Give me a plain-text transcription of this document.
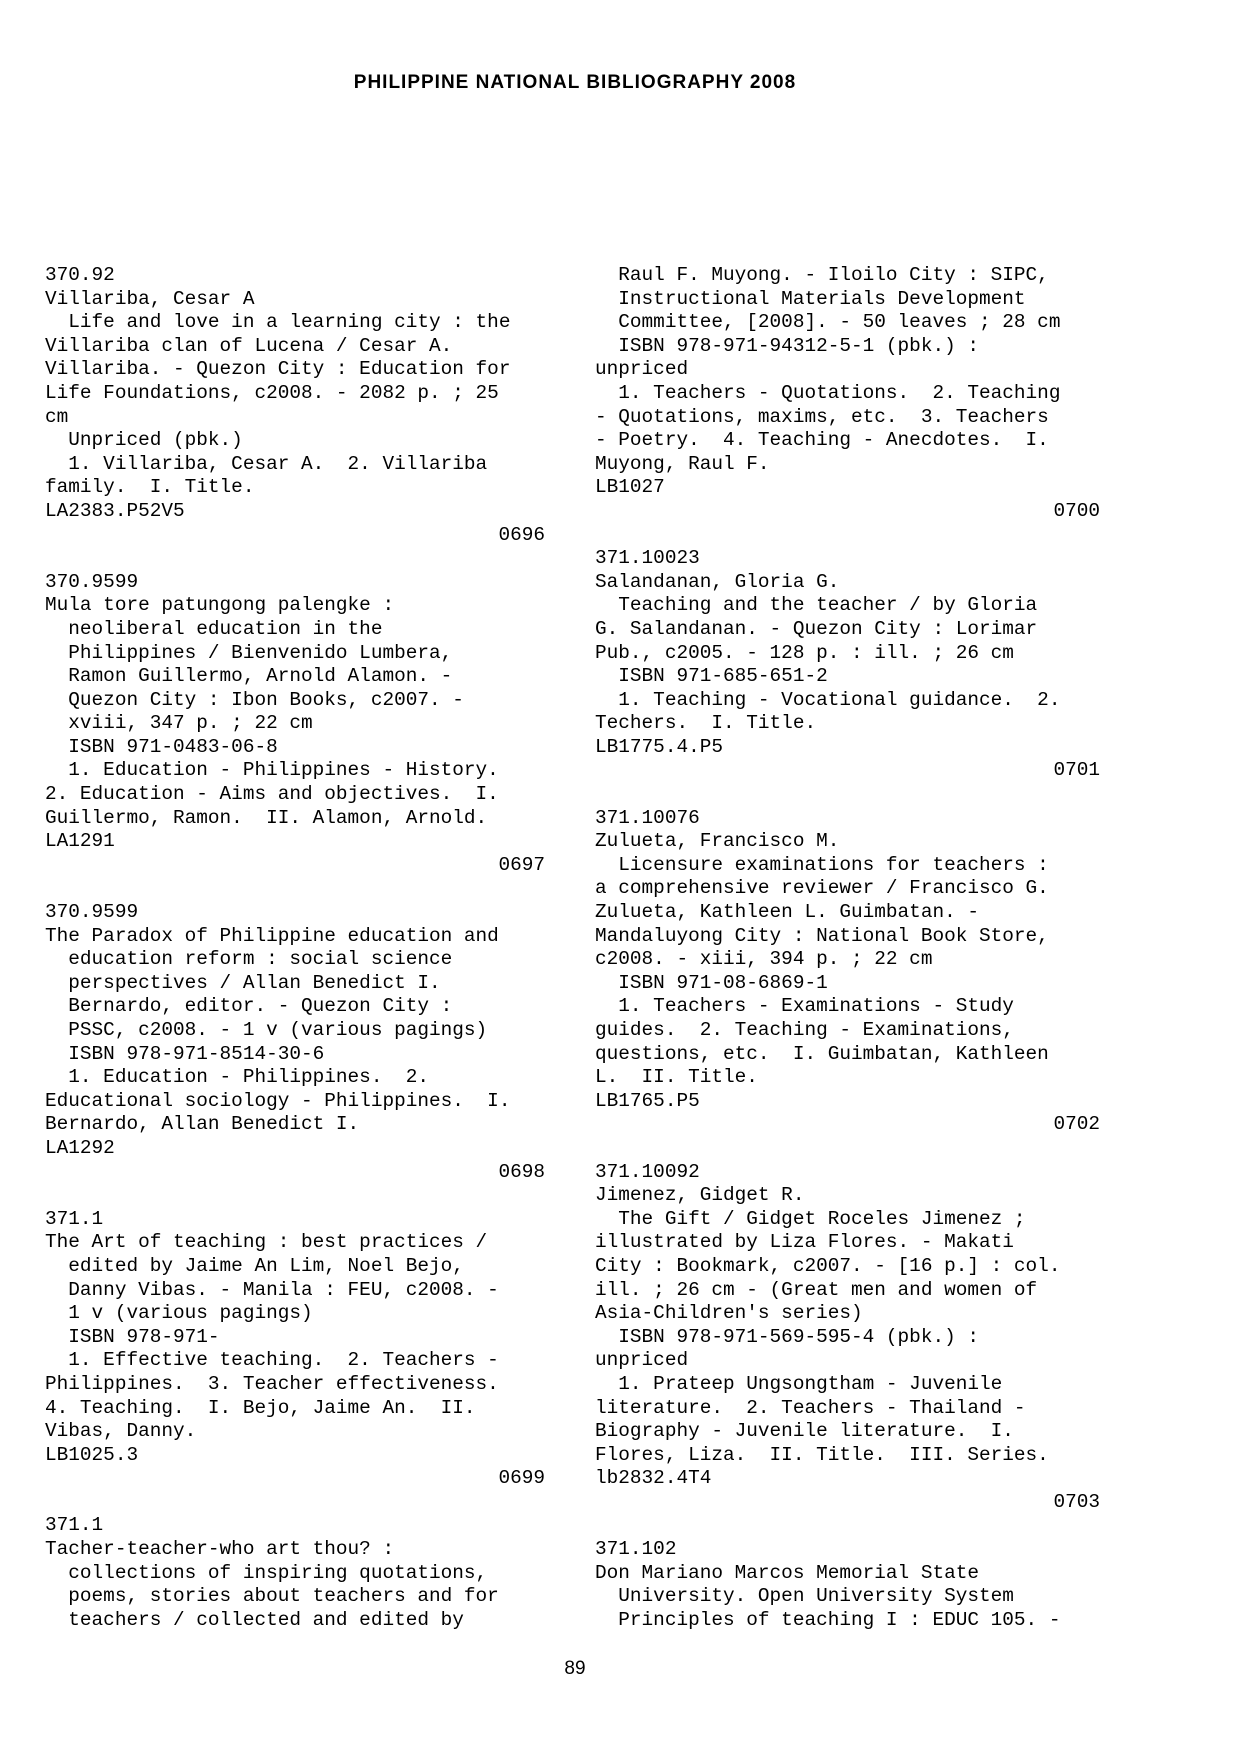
PHILIPPINE NATIONAL BIBLIOGRAPHY 2008
370.92
Villariba, Cesar A
Life and love in a learning city : the
Villariba clan of Lucena / Cesar A.
Villariba. - Quezon City : Education for
Life Foundations, c2008. - 2082 p. ; 25
cm
Unpriced (pbk.)
1. Villariba, Cesar A.  2. Villariba
family.  I. Title.
LA2383.P52V5
0696
370.9599
Mula tore patungong palengke :
neoliberal education in the
Philippines / Bienvenido Lumbera,
Ramon Guillermo, Arnold Alamon. -
Quezon City : Ibon Books, c2007. -
xviii, 347 p. ; 22 cm
ISBN 971-0483-06-8
1. Education - Philippines - History.
2. Education - Aims and objectives.  I.
Guillermo, Ramon.  II. Alamon, Arnold.
LA1291
0697
370.9599
The Paradox of Philippine education and
education reform : social science
perspectives / Allan Benedict I.
Bernardo, editor. - Quezon City :
PSSC, c2008. - 1 v (various pagings)
ISBN 978-971-8514-30-6
1. Education - Philippines.  2.
Educational sociology - Philippines.  I.
Bernardo, Allan Benedict I.
LA1292
0698
371.1
The Art of teaching : best practices /
edited by Jaime An Lim, Noel Bejo,
Danny Vibas. - Manila : FEU, c2008. -
1 v (various pagings)
ISBN 978-971-
1. Effective teaching.  2. Teachers -
Philippines.  3. Teacher effectiveness.
4. Teaching.  I. Bejo, Jaime An.  II.
Vibas, Danny.
LB1025.3
0699
371.1
Tacher-teacher-who art thou? :
collections of inspiring quotations,
poems, stories about teachers and for
teachers / collected and edited by
Raul F. Muyong. - Iloilo City : SIPC,
Instructional Materials Development
Committee, [2008]. - 50 leaves ; 28 cm
ISBN 978-971-94312-5-1 (pbk.) :
unpriced
1. Teachers - Quotations.  2. Teaching
- Quotations, maxims, etc.  3. Teachers
- Poetry.  4. Teaching - Anecdotes.  I.
Muyong, Raul F.
LB1027
0700
371.10023
Salandanan, Gloria G.
Teaching and the teacher / by Gloria
G. Salandanan. - Quezon City : Lorimar
Pub., c2005. - 128 p. : ill. ; 26 cm
ISBN 971-685-651-2
1. Teaching - Vocational guidance.  2.
Techers.  I. Title.
LB1775.4.P5
0701
371.10076
Zulueta, Francisco M.
Licensure examinations for teachers :
a comprehensive reviewer / Francisco G.
Zulueta, Kathleen L. Guimbatan. -
Mandaluyong City : National Book Store,
c2008. - xiii, 394 p. ; 22 cm
ISBN 971-08-6869-1
1. Teachers - Examinations - Study
guides.  2. Teaching - Examinations,
questions, etc.  I. Guimbatan, Kathleen
L.  II. Title.
LB1765.P5
0702
371.10092
Jimenez, Gidget R.
The Gift / Gidget Roceles Jimenez ;
illustrated by Liza Flores. - Makati
City : Bookmark, c2007. - [16 p.] : col.
ill. ; 26 cm - (Great men and women of
Asia-Children's series)
ISBN 978-971-569-595-4 (pbk.) :
unpriced
1. Prateep Ungsongtham - Juvenile
literature.  2. Teachers - Thailand -
Biography - Juvenile literature.  I.
Flores, Liza.  II. Title.  III. Series.
lb2832.4T4
0703
371.102
Don Mariano Marcos Memorial State
University. Open University System
Principles of teaching I : EDUC 105. -
89
